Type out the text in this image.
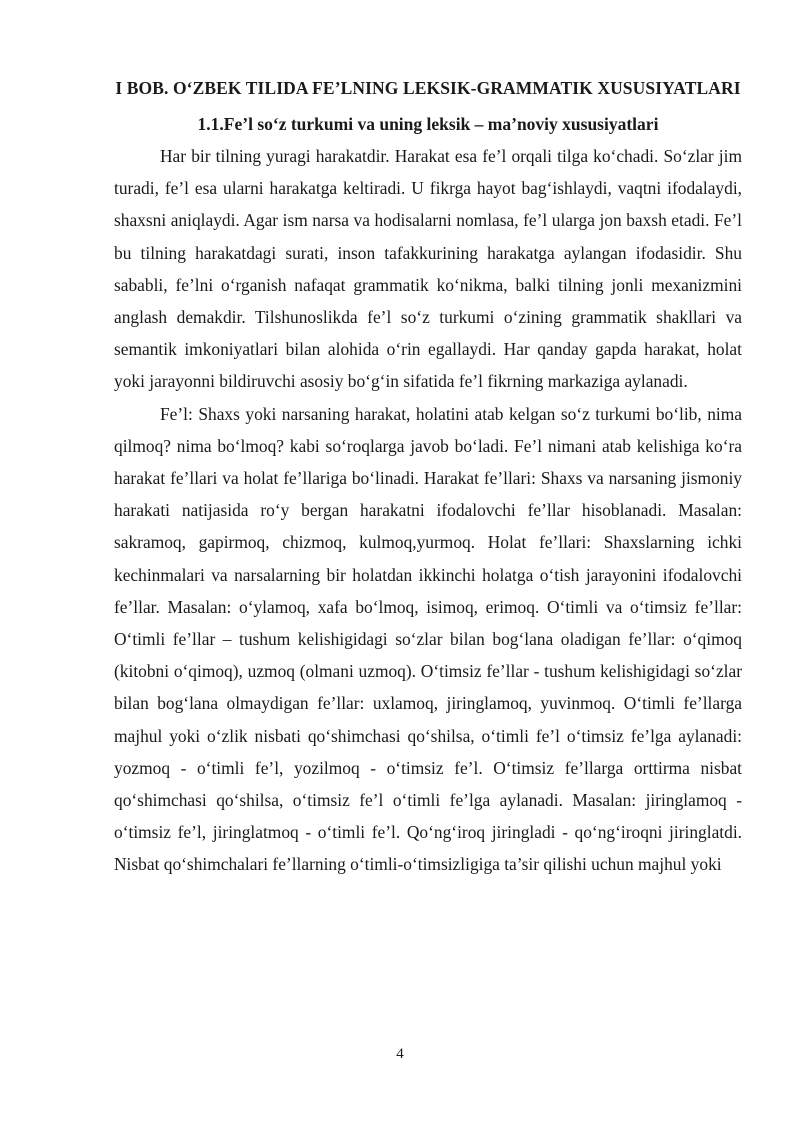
I BOB. O‘ZBEK TILIDA FE’LNING LEKSIK-GRAMMATIK XUSUSIYATLARI
1.1.Fe’l so‘z turkumi va uning leksik – ma’noviy xususiyatlari

Har bir tilning yuragi harakatdir. Harakat esa fe’l orqali tilga ko‘chadi. So‘zlar jim turadi, fe’l esa ularni harakatga keltiradi. U fikrga hayot bag‘ishlaydi, vaqtni ifodalaydi, shaxsni aniqlaydi. Agar ism narsa va hodisalarni nomlasa, fe’l ularga jon baxsh etadi. Fe’l bu tilning harakatdagi surati, inson tafakkurining harakatga aylangan ifodasidir. Shu sababli, fe’lni o‘rganish nafaqat grammatik ko‘nikma, balki tilning jonli mexanizmini anglash demakdir. Tilshunoslikda fe’l so‘z turkumi o‘zining grammatik shakllari va semantik imkoniyatlari bilan alohida o‘rin egallaydi. Har qanday gapda harakat, holat yoki jarayonni bildiruvchi asosiy bo‘g‘in sifatida fe’l fikrning markaziga aylanadi.

Fe’l: Shaxs yoki narsaning harakat, holatini atab kelgan so‘z turkumi bo‘lib, nima qilmoq? nima bo‘lmoq? kabi so‘roqlarga javob bo‘ladi. Fe’l nimani atab kelishiga ko‘ra harakat fe’llari va holat fe’llariga bo‘linadi. Harakat fe’llari: Shaxs va narsaning jismoniy harakati natijasida ro‘y bergan harakatni ifodalovchi fe’llar hisoblanadi. Masalan: sakramoq, gapirmoq, chizmoq, kulmoq,yurmoq. Holat fe’llari: Shaxslarning ichki kechinmalari va narsalarning bir holatdan ikkinchi holatga o‘tish jarayonini ifodalovchi fe’llar. Masalan: o‘ylamoq, xafa bo‘lmoq, isimoq, erimoq. O‘timli va o‘timsiz fe’llar: O‘timli fe’llar – tushum kelishigidagi so‘zlar bilan bog‘lana oladigan fe’llar: o‘qimoq (kitobni o‘qimoq), uzmoq (olmani uzmoq). O‘timsiz fe’llar - tushum kelishigidagi so‘zlar bilan bog‘lana olmaydigan fe’llar: uxlamoq, jiringlamoq, yuvinmoq. O‘timli fe’llarga majhul yoki o‘zlik nisbati qo‘shimchasi qo‘shilsa, o‘timli fe’l o‘timsiz fe’lga aylanadi: yozmoq - o‘timli fe’l, yozilmoq - o‘timsiz fe’l. O‘timsiz fe’llarga orttirma nisbat qo‘shimchasi qo‘shilsa, o‘timsiz fe’l o‘timli fe’lga aylanadi. Masalan: jiringlamoq - o‘timsiz fe’l, jiringlatmoq - o‘timli fe’l. Qo‘ng‘iroq jiringladi - qo‘ng‘iroqni jiringlatdi. Nisbat qo‘shimchalari fe’llarning o‘timli-o‘timsizligiga ta’sir qilishi uchun majhul yoki

4
